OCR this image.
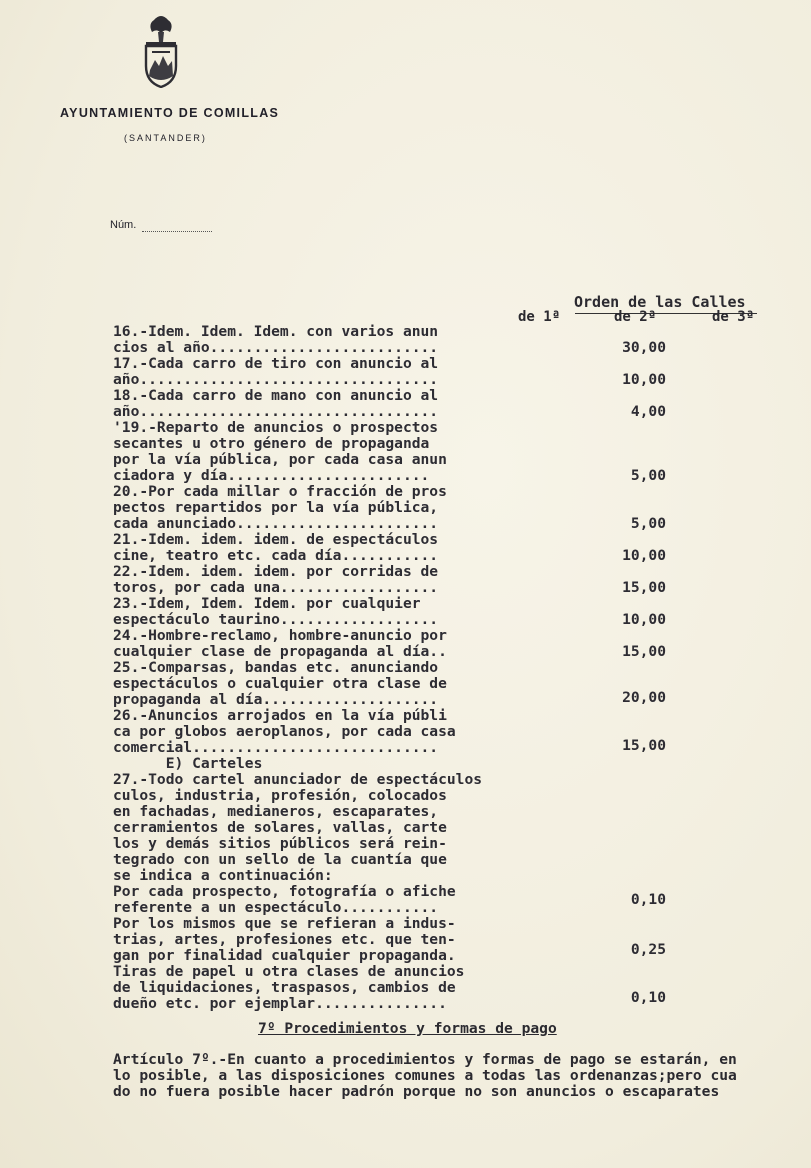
AYUNTAMIENTO DE COMILLAS
(SANTANDER)
Núm.
Orden de las Calles
de 1ª	de 2ª	de 3ª
16.-Idem. Idem. Idem. con varios anun
cios al año..........................
17.-Cada carro de tiro con anuncio al
año..................................
18.-Cada carro de mano con anuncio al
año..................................
ꞌ19.-Reparto de anuncios o prospectos
secantes u otro género de propaganda
por la vía pública, por cada casa anun
ciadora y día.......................
20.-Por cada millar o fracción de pros
pectos repartidos por la vía pública,
cada anunciado.......................
21.-Idem. idem. idem. de espectáculos
cine, teatro etc. cada día...........
22.-Idem. idem. idem. por corridas de
toros, por cada una..................
23.-Idem, Idem. Idem. por cualquier
espectáculo taurino..................
24.-Hombre-reclamo, hombre-anuncio por
cualquier clase de propaganda al día..
25.-Comparsas, bandas etc. anunciando
espectáculos o cualquier otra clase de
propaganda al día....................
26.-Anuncios arrojados en la vía públi
ca por globos aeroplanos, por cada casa
comercial............................
E) Carteles
27.-Todo cartel anunciador de espectáculos
culos, industria, profesión, colocados
en fachadas, medianeros, escaparates,
cerramientos de solares, vallas, carte
los y demás sitios públicos será rein-
tegrado con un sello de la cuantía que
se indica a continuación:
Por cada prospecto, fotografía o afiche
referente a un espectáculo...........
Por los mismos que se refieran a indus-
trias, artes, profesiones etc. que ten-
gan por finalidad cualquier propaganda.
Tiras de papel u otra clases de anuncios
de liquidaciones, traspasos, cambios de
dueño etc. por ejemplar...............
30,00
10,00
4,00
5,00
5,00
10,00
15,00
10,00
15,00
20,00
15,00
0,10
0,25
0,10
7º Procedimientos y formas de pago
Artículo 7º.-En cuanto a procedimientos y formas de pago se estarán, en
lo posible, a las disposiciones comunes a todas las ordenanzas;pero cua
do no fuera posible hacer padrón porque no son anuncios o escaparates
